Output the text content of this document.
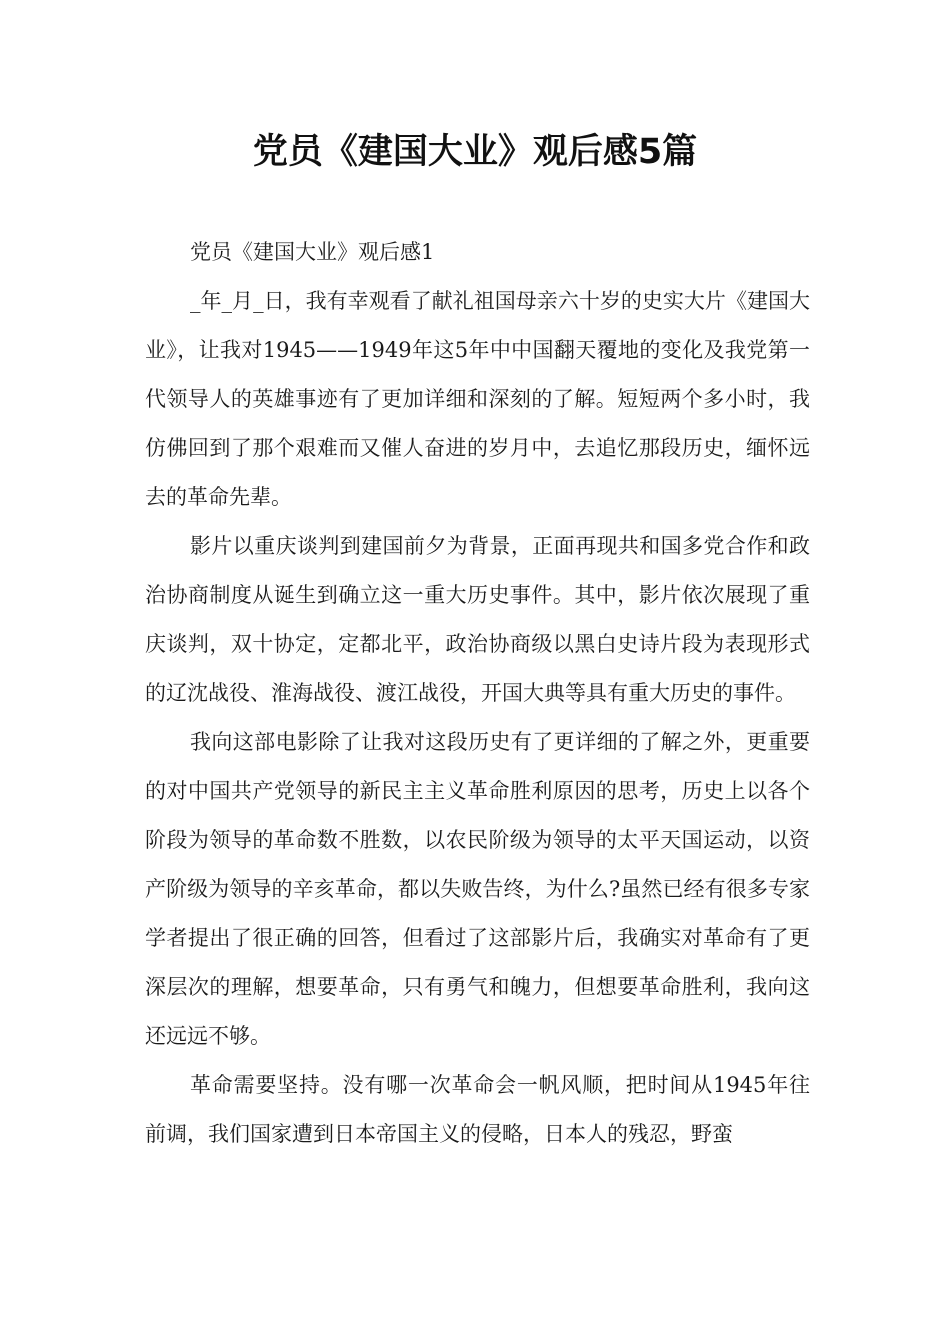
党员《建国大业》观后感5篇

党员《建国大业》观后感1

_年_月_日，我有幸观看了献礼祖国母亲六十岁的史实大片《建国大业》，让我对1945——1949年这5年中中国翻天覆地的变化及我党第一代领导人的英雄事迹有了更加详细和深刻的了解。短短两个多小时，我仿佛回到了那个艰难而又催人奋进的岁月中，去追忆那段历史，缅怀远去的革命先辈。

影片以重庆谈判到建国前夕为背景，正面再现共和国多党合作和政治协商制度从诞生到确立这一重大历史事件。其中，影片依次展现了重庆谈判，双十协定，定都北平，政治协商级以黑白史诗片段为表现形式的辽沈战役、淮海战役、渡江战役，开国大典等具有重大历史的事件。

我向这部电影除了让我对这段历史有了更详细的了解之外，更重要的对中国共产党领导的新民主主义革命胜利原因的思考，历史上以各个阶段为领导的革命数不胜数，以农民阶级为领导的太平天国运动，以资产阶级为领导的辛亥革命，都以失败告终，为什么?虽然已经有很多专家学者提出了很正确的回答，但看过了这部影片后，我确实对革命有了更深层次的理解，想要革命，只有勇气和魄力，但想要革命胜利，我向这还远远不够。

革命需要坚持。没有哪一次革命会一帆风顺，把时间从1945年往前调，我们国家遭到日本帝国主义的侵略，日本人的残忍，野蛮
